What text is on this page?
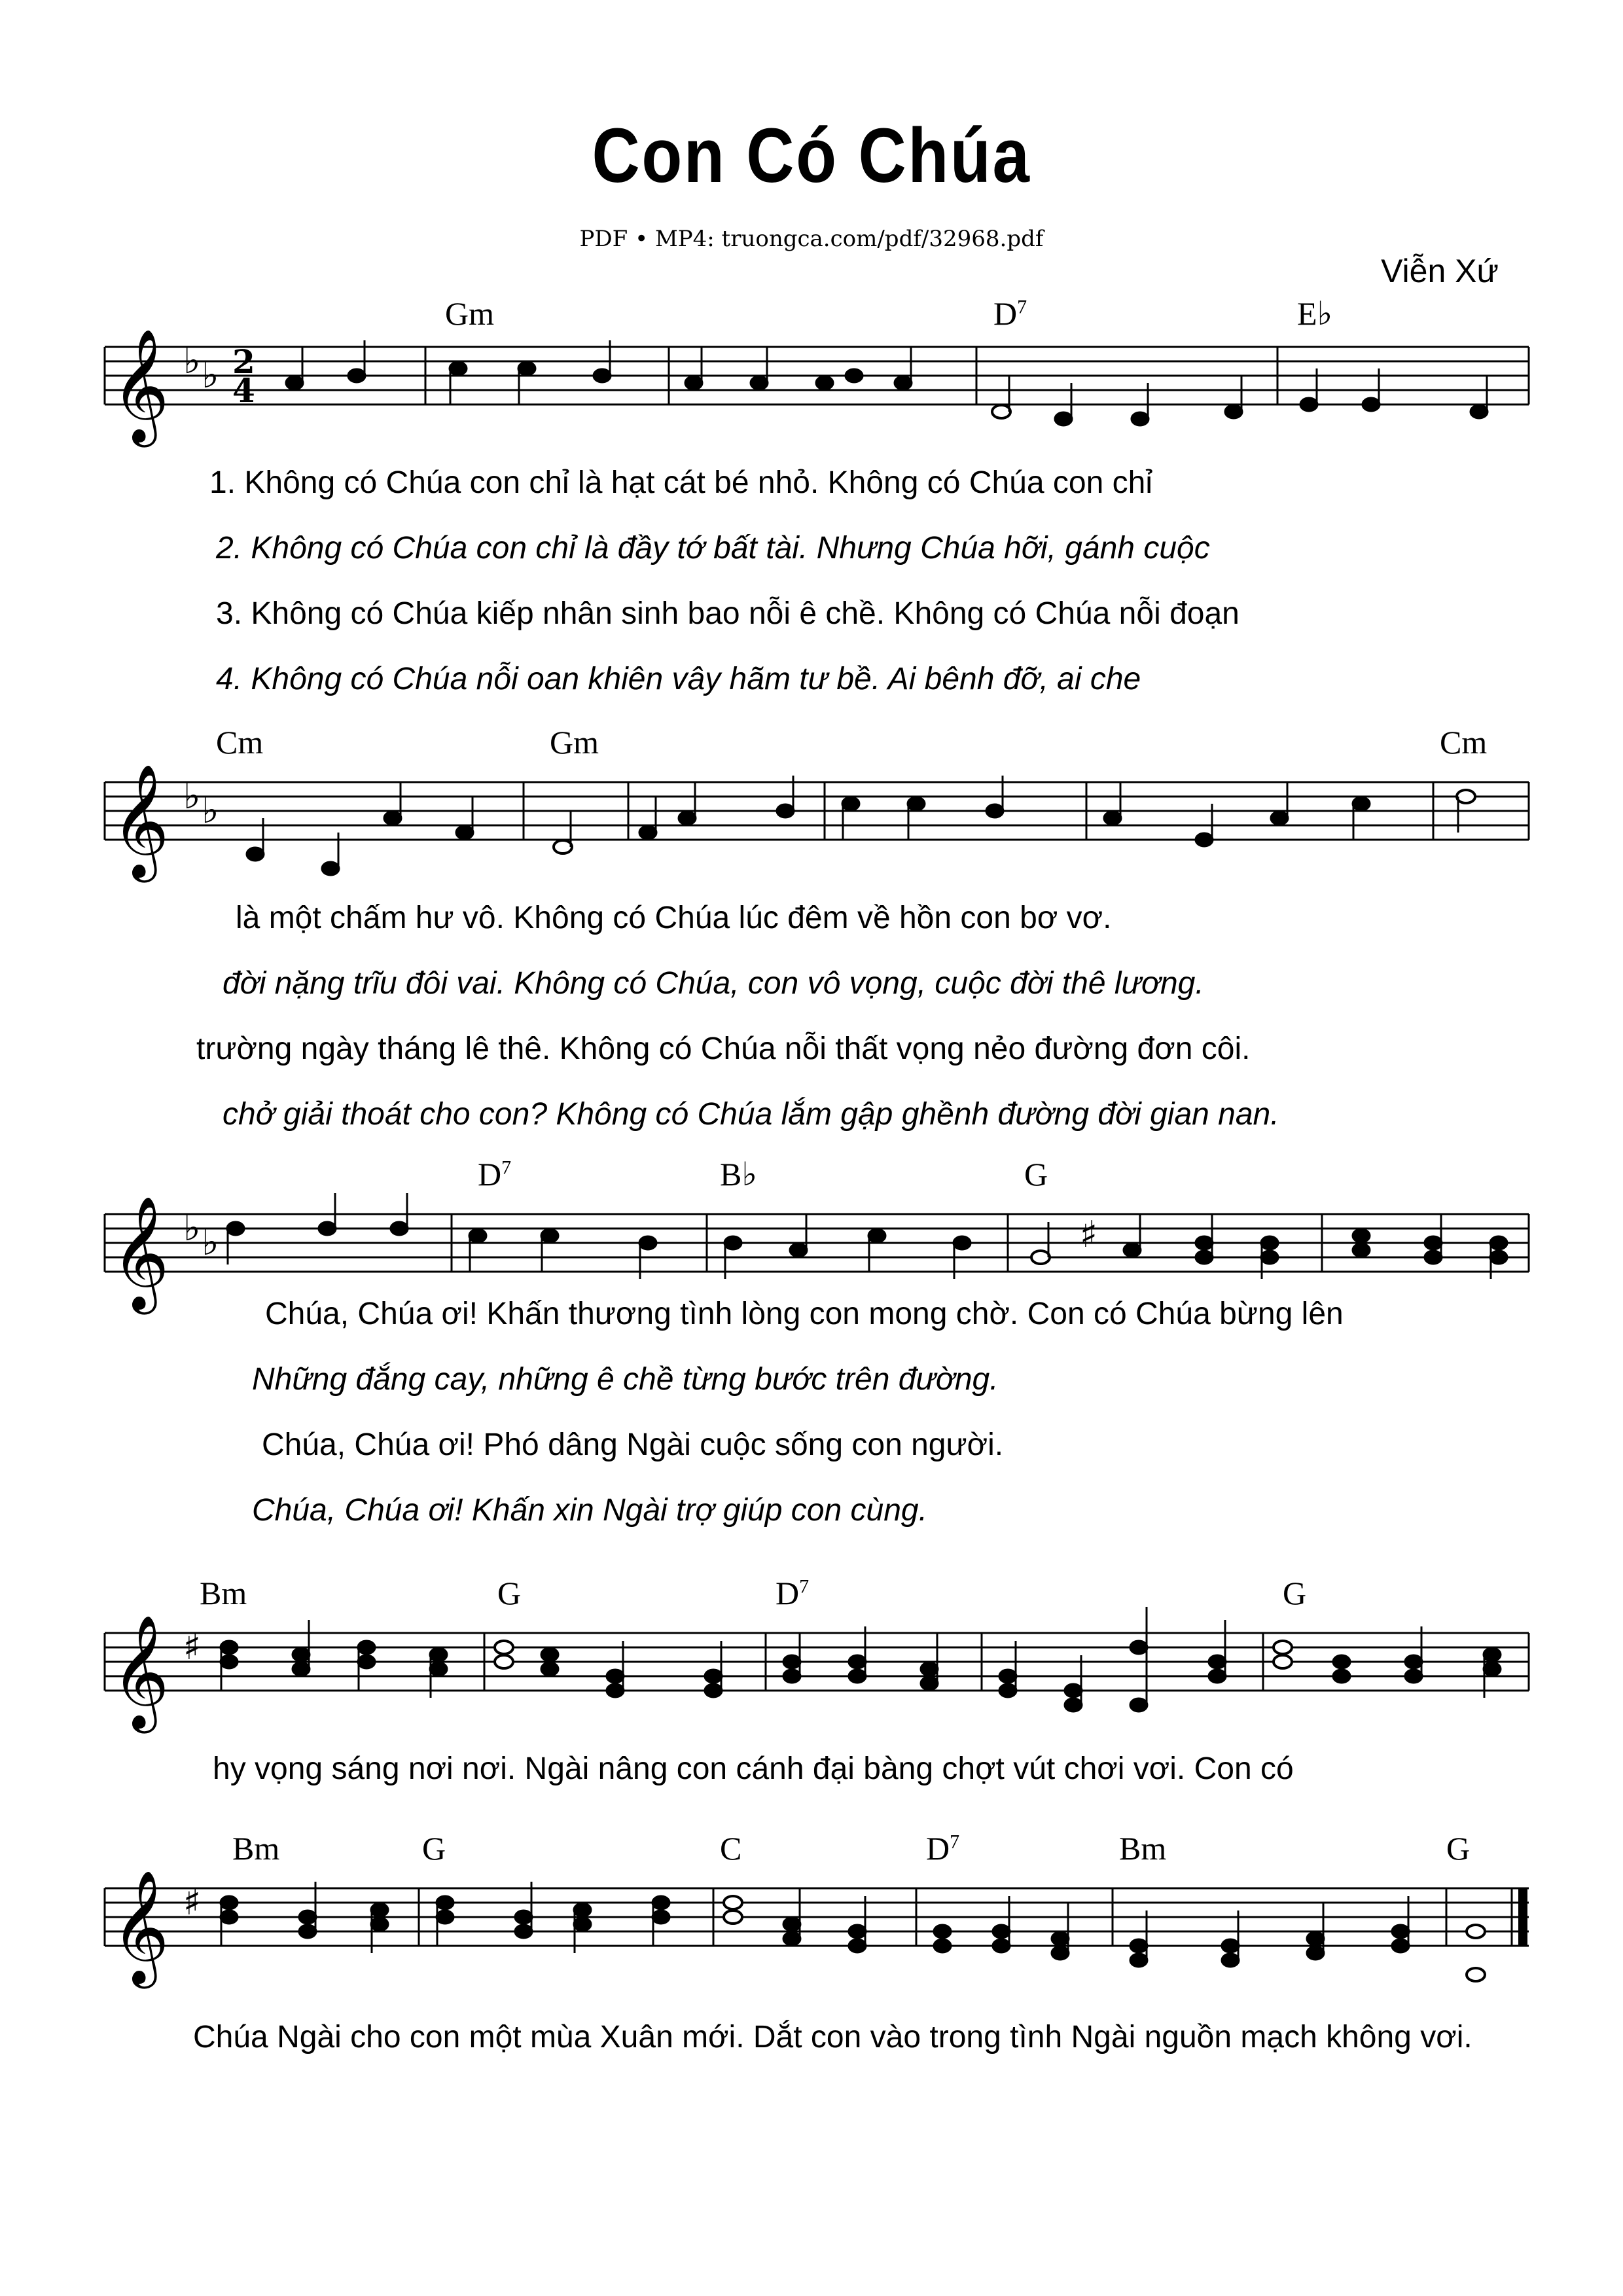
Con Có Chúa
PDF • MP4: truongca.com/pdf/32968.pdf
Viễn Xứ
Gm	$D^7$	E♭
𝄞 ♭ ♭ 2
4
1. Không có Chúa con chỉ là hạt cát bé nhỏ. Không có Chúa con chỉ
2. Không có Chúa con chỉ là đầy tớ bất tài. Nhưng Chúa hỡi, gánh cuộc
3. Không có Chúa kiếp nhân sinh bao nỗi ê chề. Không có Chúa nỗi đoạn
4. Không có Chúa nỗi oan khiên vây hãm tư bề. Ai bênh đỡ, ai che
Cm	Gm	Cm
𝄞 ♭ ♭
là một chấm hư vô. Không có Chúa lúc đêm về hồn con bơ vơ.
đời nặng trĩu đôi vai. Không có Chúa, con vô vọng, cuộc đời thê lương.
trường ngày tháng lê thê. Không có Chúa nỗi thất vọng nẻo đường đơn côi.
chở giải thoát cho con? Không có Chúa lắm gập ghềnh đường đời gian nan.
$D^7$	B♭	G
𝄞 ♭ ♭	♯
Chúa, Chúa ơi! Khấn thương tình lòng con mong chờ. Con có Chúa bừng lên
Những đắng cay, những ê chề từng bước trên đường.
Chúa, Chúa ơi! Phó dâng Ngài cuộc sống con người.
Chúa, Chúa ơi! Khấn xin Ngài trợ giúp con cùng.
Bm	G	$D^7$	G
𝄞 ♯
hy vọng sáng nơi nơi. Ngài nâng con cánh đại bàng chợt vút chơi vơi. Con có
Bm	G	C	$D^7$	Bm	G
𝄞 ♯
Chúa Ngài cho con một mùa Xuân mới. Dắt con vào trong tình Ngài nguồn mạch không vơi.
